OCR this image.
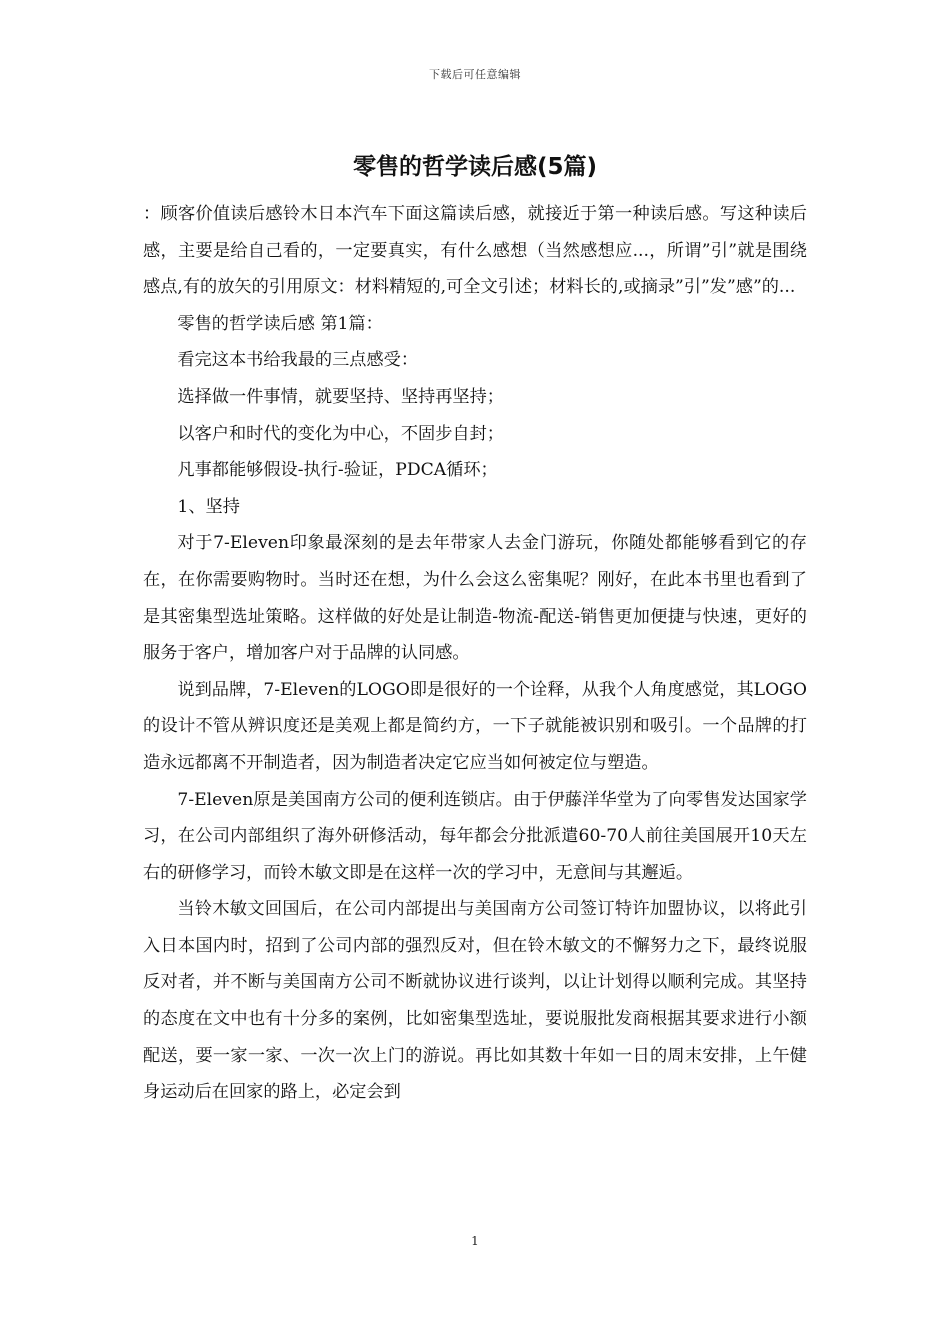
下载后可任意编辑
零售的哲学读后感(5篇)

：顾客价值读后感铃木日本汽车下面这篇读后感，就接近于第一种读后感。写这种读后感，主要是给自己看的，一定要真实，有什么感想（当然感想应...，所谓”引”就是围绕感点,有的放矢的引用原文：材料精短的,可全文引述；材料长的,或摘录”引”发”感”的...

零售的哲学读后感 第1篇：

看完这本书给我最的三点感受：

选择做一件事情，就要坚持、坚持再坚持；

以客户和时代的变化为中心，不固步自封；

凡事都能够假设-执行-验证，PDCA循环；

1、坚持

对于7-Eleven印象最深刻的是去年带家人去金门游玩，你随处都能够看到它的存在，在你需要购物时。当时还在想，为什么会这么密集呢？刚好，在此本书里也看到了是其密集型选址策略。这样做的好处是让制造-物流-配送-销售更加便捷与快速，更好的服务于客户，增加客户对于品牌的认同感。

说到品牌，7-Eleven的LOGO即是很好的一个诠释，从我个人角度感觉，其LOGO的设计不管从辨识度还是美观上都是简约方，一下子就能被识别和吸引。一个品牌的打造永远都离不开制造者，因为制造者决定它应当如何被定位与塑造。

7-Eleven原是美国南方公司的便利连锁店。由于伊藤洋华堂为了向零售发达国家学习，在公司内部组织了海外研修活动，每年都会分批派遣60-70人前往美国展开10天左右的研修学习，而铃木敏文即是在这样一次的学习中，无意间与其邂逅。

当铃木敏文回国后，在公司内部提出与美国南方公司签订特许加盟协议，以将此引入日本国内时，招到了公司内部的强烈反对，但在铃木敏文的不懈努力之下，最终说服反对者，并不断与美国南方公司不断就协议进行谈判，以让计划得以顺利完成。其坚持的态度在文中也有十分多的案例，比如密集型选址，要说服批发商根据其要求进行小额配送，要一家一家、一次一次上门的游说。再比如其数十年如一日的周末安排，上午健身运动后在回家的路上，必定会到

1
